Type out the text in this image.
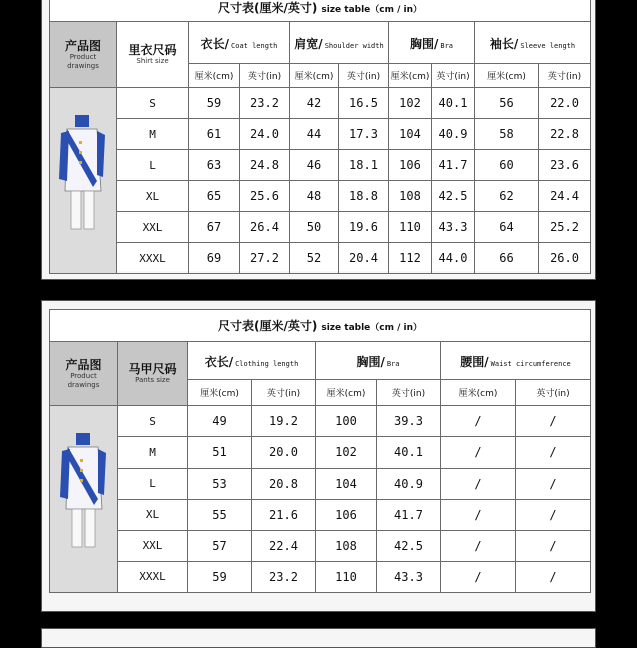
尺寸表(厘米/英寸) size table（cm / in）									

产品图
Product
drawings	里衣尺码
Shirt size	衣长/ Coat length		肩宽/ Shoulder width		胸围/ Bra		袖长/ Sleeve length	
		厘米(cm)	英寸(in)	厘米(cm)	英寸(in)	厘米(cm)	英寸(in)	厘米(cm)	英寸(in)

	S	59	23.2	42	16.5	102	40.1	56	22.0
	M	61	24.0	44	17.3	104	40.9	58	22.8
	L	63	24.8	46	18.1	106	41.7	60	23.6
	XL	65	25.6	48	18.8	108	42.5	62	24.4
	XXL	67	26.4	50	19.6	110	43.3	64	25.2
	XXXL	69	27.2	52	20.4	112	44.0	66	26.0
尺寸表(厘米/英寸) size table（cm / in）							

产品图
Product
drawings	马甲尺码
Pants size	衣长/ Clothing length		胸围/ Bra		腰围/ Waist circumference	
		厘米(cm)	英寸(in)	厘米(cm)	英寸(in)	厘米(cm)	英寸(in)

	S	49	19.2	100	39.3	/	/
	M	51	20.0	102	40.1	/	/
	L	53	20.8	104	40.9	/	/
	XL	55	21.6	106	41.7	/	/
	XXL	57	22.4	108	42.5	/	/
	XXXL	59	23.2	110	43.3	/	/
